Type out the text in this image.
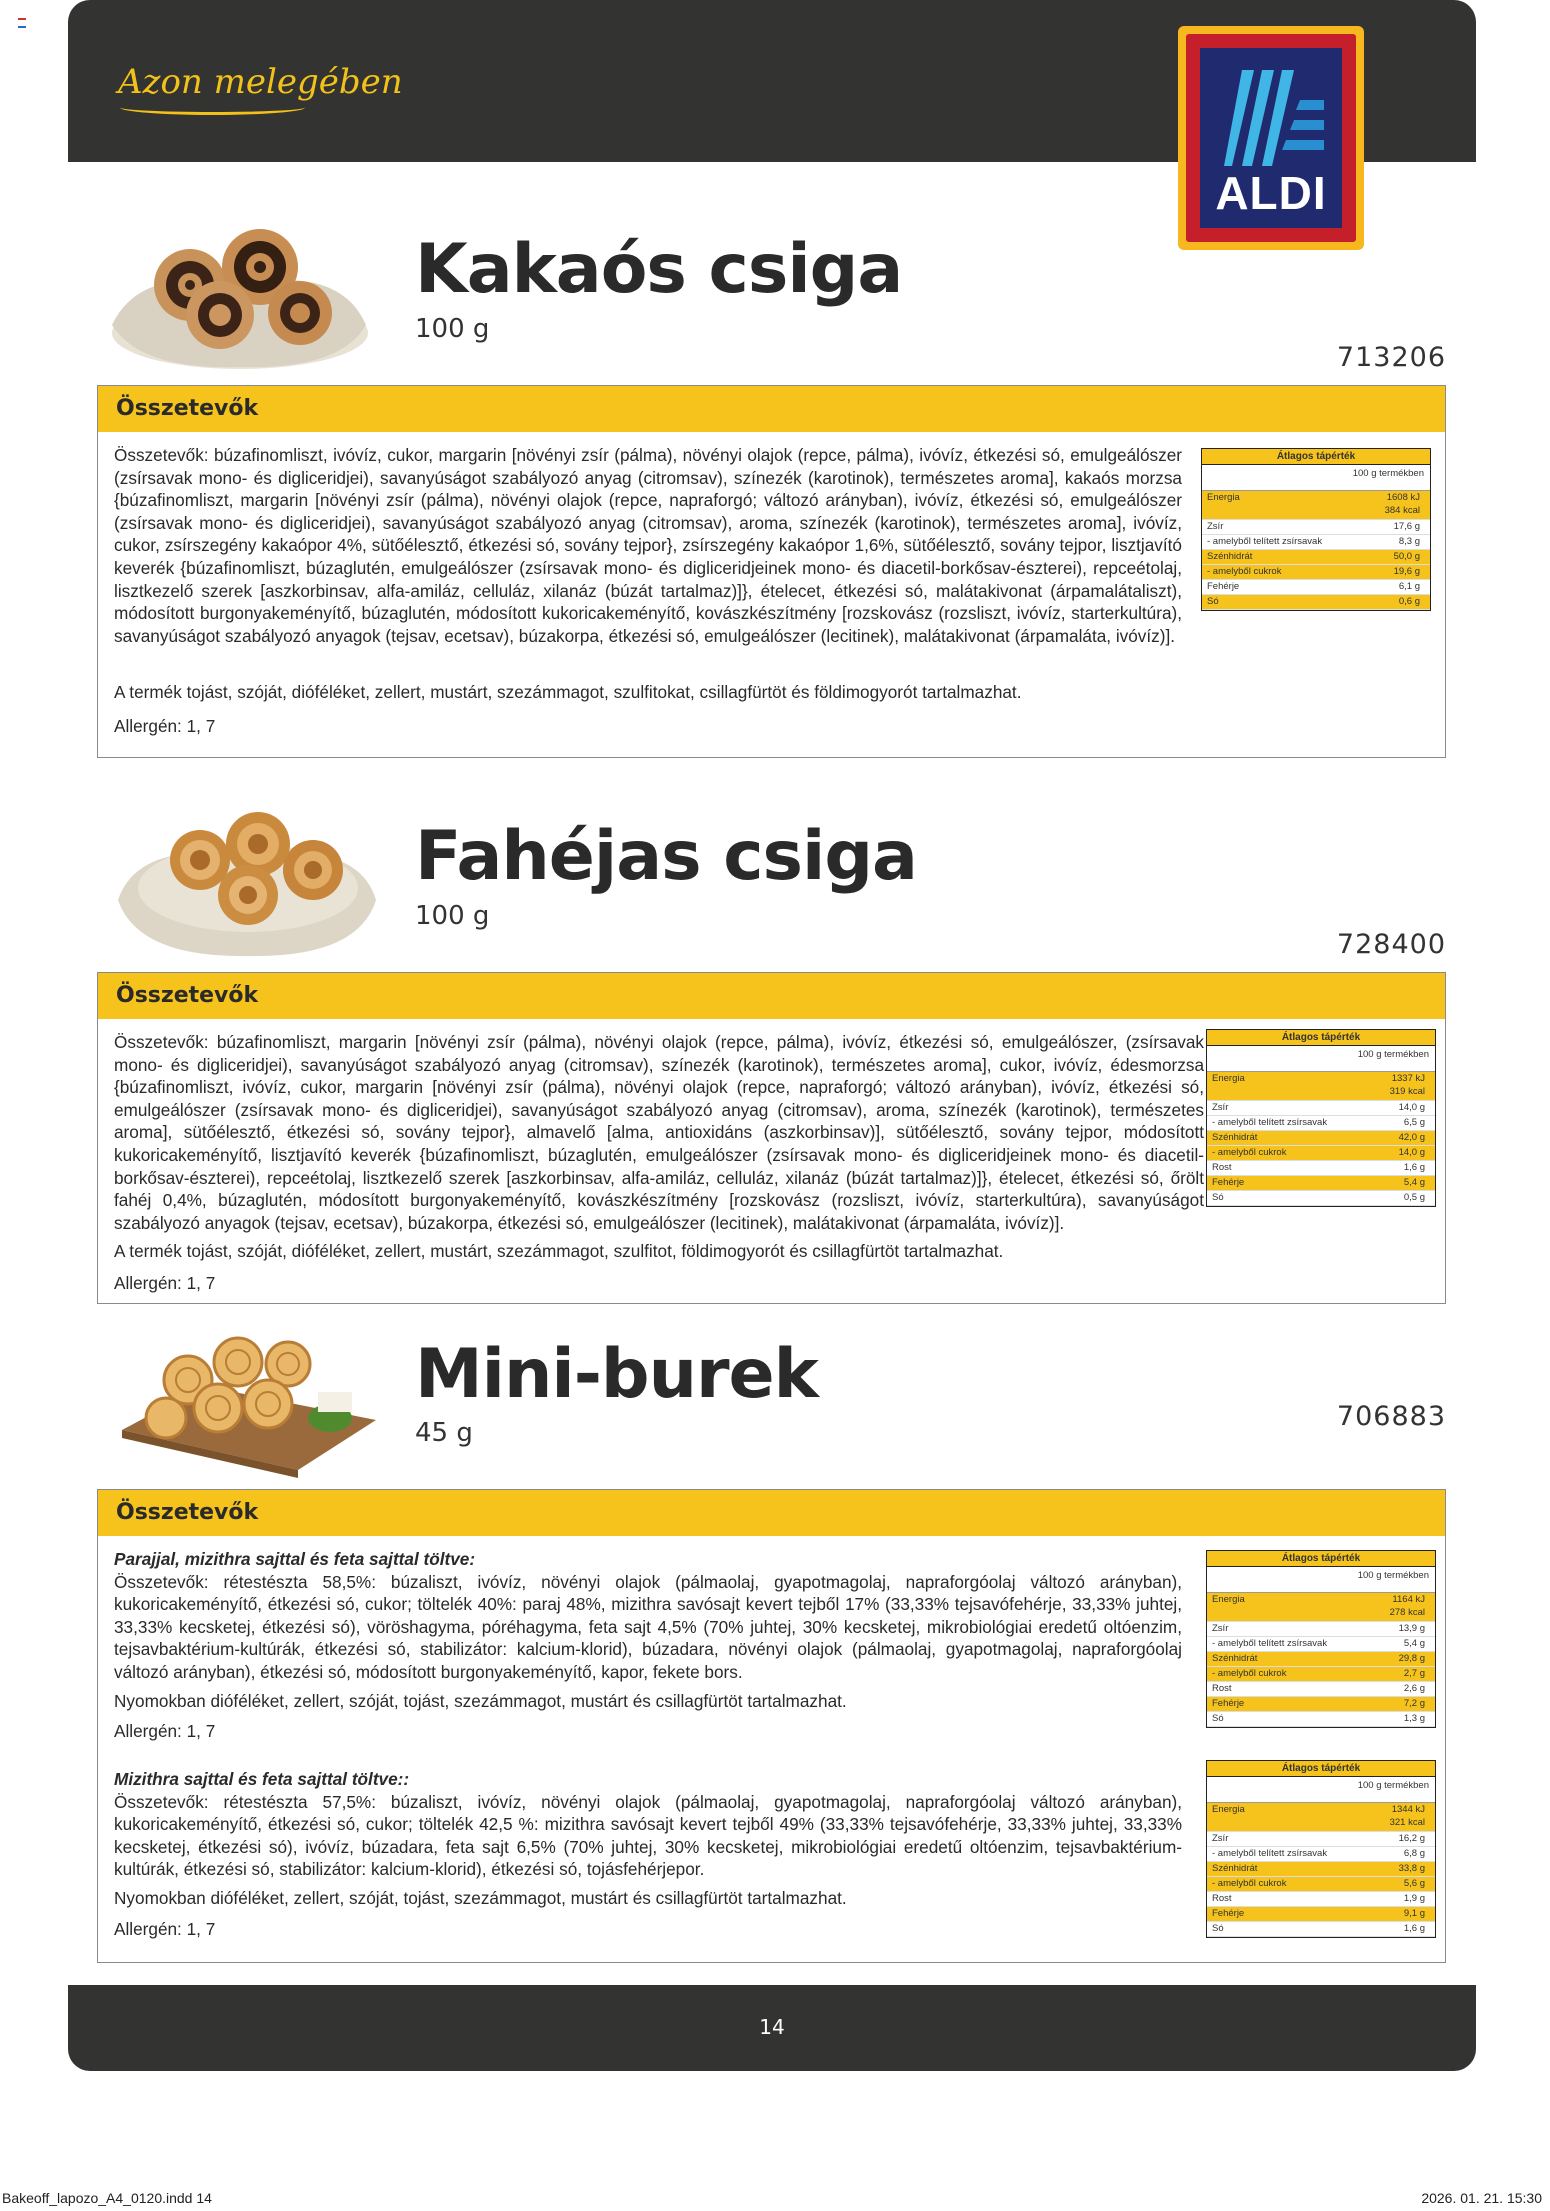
Azon melegében
ALDI
Kakaós csiga
100 g
713206
Összetevők
Összetevők: búzafinomliszt, ivóvíz, cukor, margarin [növényi zsír (pálma), növényi olajok (repce, pálma), ivóvíz, étkezési só, emulgeálószer (zsírsavak mono- és digliceridjei), savanyúságot szabályozó anyag (citromsav), színezék (karotinok), természetes aroma], kakaós morzsa {búzafinomliszt, margarin [növényi zsír (pálma), növényi olajok (repce, napraforgó; változó arányban), ivóvíz, étkezési só, emulgeálószer (zsírsavak mono- és digliceridjei), savanyúságot szabályozó anyag (citromsav), aroma, színezék (karotinok), természetes aroma], ivóvíz, cukor, zsírszegény kakaópor 4%, sütőélesztő, étkezési só, sovány tejpor}, zsírszegény kakaópor 1,6%, sütőélesztő, sovány tejpor, lisztjavító keverék {búzafinomliszt, búzaglutén, emulgeálószer (zsírsavak mono- és digliceridjeinek mono- és diacetil-borkősav-észterei), repceétolaj, lisztkezelő szerek [aszkorbinsav, alfa-amiláz, celluláz, xilanáz (búzát tartalmaz)]}, ételecet, étkezési só, malátakivonat (árpamalátaliszt), módosított burgonyakeményítő, búzaglutén, módosított kukoricakeményítő, kovászkészítmény [rozskovász (rozsliszt, ivóvíz, starterkultúra), savanyúságot szabályozó anyagok (tejsav, ecetsav), búzakorpa, étkezési só, emulgeálószer (lecitinek), malátakivonat (árpamaláta, ivóvíz)].
A termék tojást, szóját, dióféléket, zellert, mustárt, szezámmagot, szulfitokat, csillagfürtöt és földimogyorót tartalmazhat.
Allergén: 1, 7
Átlagos tápérték
100 g termékben
Energia	1608 kJ
384 kcal
Zsír	17,6 g
- amelyből telített zsírsavak	8,3 g
Szénhidrát	50,0 g
- amelyből cukrok	19,6 g
Fehérje	6,1 g
Só	0,6 g
Fahéjas csiga
100 g
728400
Összetevők
Összetevők: búzafinomliszt, margarin [növényi zsír (pálma), növényi olajok (repce, pálma), ivóvíz, étkezési só, emulgeálószer, (zsírsavak mono- és digliceridjei), savanyúságot szabályozó anyag (citromsav), színezék (karotinok), természetes aroma], cukor, ivóvíz, édesmorzsa {búzafinomliszt, ivóvíz, cukor, margarin [növényi zsír (pálma), növényi olajok (repce, napraforgó; változó arányban), ivóvíz, étkezési só, emulgeálószer (zsírsavak mono- és digliceridjei), savanyúságot szabályozó anyag (citromsav), aroma, színezék (karotinok), természetes aroma], sütőélesztő, étkezési só, sovány tejpor}, almavelő [alma, antioxidáns (aszkorbinsav)], sütőélesztő, sovány tejpor, módosított kukoricakeményítő, lisztjavító keverék {búzafinomliszt, búzaglutén, emulgeálószer (zsírsavak mono- és digliceridjeinek mono- és diacetil-borkősav-észterei), repceétolaj, lisztkezelő szerek [aszkorbinsav, alfa-amiláz, celluláz, xilanáz (búzát tartalmaz)]}, ételecet, étkezési só, őrölt fahéj 0,4%, búzaglutén, módosított burgonyakeményítő, kovászkészítmény [rozskovász (rozsliszt, ivóvíz, starterkultúra), savanyúságot szabályozó anyagok (tejsav, ecetsav), búzakorpa, étkezési só, emulgeálószer (lecitinek), malátakivonat (árpamaláta, ivóvíz)].
A termék tojást, szóját, dióféléket, zellert, mustárt, szezámmagot, szulfitot, földimogyorót és csillagfürtöt tartalmazhat.
Allergén: 1, 7
Átlagos tápérték
100 g termékben
Energia	1337 kJ
319 kcal
Zsír	14,0 g
- amelyből telített zsírsavak	6,5 g
Szénhidrát	42,0 g
- amelyből cukrok	14,0 g
Rost	1,6 g
Fehérje	5,4 g
Só	0,5 g
Mini-burek
45 g
706883
Összetevők

Parajjal, mizithra sajttal és feta sajttal töltve:

Összetevők: rétestészta 58,5%: búzaliszt, ivóvíz, növényi olajok (pálmaolaj, gyapotmagolaj, napraforgóolaj változó arányban), kukoricakeményítő, étkezési só, cukor; töltelék 40%: paraj 48%, mizithra savósajt kevert tejből 17% (33,33% tejsavófehérje, 33,33% juhtej, 33,33% kecsketej, étkezési só), vöröshagyma, póréhagyma, feta sajt 4,5% (70% juhtej, 30% kecsketej, mikrobiológiai eredetű oltóenzim, tejsavbaktérium-kultúrák, étkezési só, stabilizátor: kalcium-klorid), búzadara, növényi olajok (pálmaolaj, gyapotmagolaj, napraforgóolaj változó arányban), étkezési só, módosított burgonyakeményítő, kapor, fekete bors.

Nyomokban dióféléket, zellert, szóját, tojást, szezámmagot, mustárt és csillagfürtöt tartalmazhat.

Allergén: 1, 7

Mizithra sajttal és feta sajttal töltve::

Összetevők: rétestészta 57,5%: búzaliszt, ivóvíz, növényi olajok (pálmaolaj, gyapotmagolaj, napraforgóolaj változó arányban), kukoricakeményítő, étkezési só, cukor; töltelék 42,5 %: mizithra savósajt kevert tejből 49% (33,33% tejsavófehérje, 33,33% juhtej, 33,33% kecsketej, étkezési só), ivóvíz, búzadara, feta sajt 6,5% (70% juhtej, 30% kecsketej, mikrobiológiai eredetű oltóenzim, tejsavbaktérium-kultúrák, étkezési só, stabilizátor: kalcium-klorid), étkezési só, tojásfehérjepor.

Nyomokban dióféléket, zellert, szóját, tojást, szezámmagot, mustárt és csillagfürtöt tartalmazhat.

Allergén: 1, 7

Átlagos tápérték
100 g termékben
Energia	1164 kJ
278 kcal
Zsír	13,9 g
- amelyből telített zsírsavak	5,4 g
Szénhidrát	29,8 g
- amelyből cukrok	2,7 g
Rost	2,6 g
Fehérje	7,2 g
Só	1,3 g
Átlagos tápérték
100 g termékben
Energia	1344 kJ
321 kcal
Zsír	16,2 g
- amelyből telített zsírsavak	6,8 g
Szénhidrát	33,8 g
- amelyből cukrok	5,6 g
Rost	1,9 g
Fehérje	9,1 g
Só	1,6 g
14
Bakeoff_lapozo_A4_0120.indd 14	2026. 01. 21. 15:30
